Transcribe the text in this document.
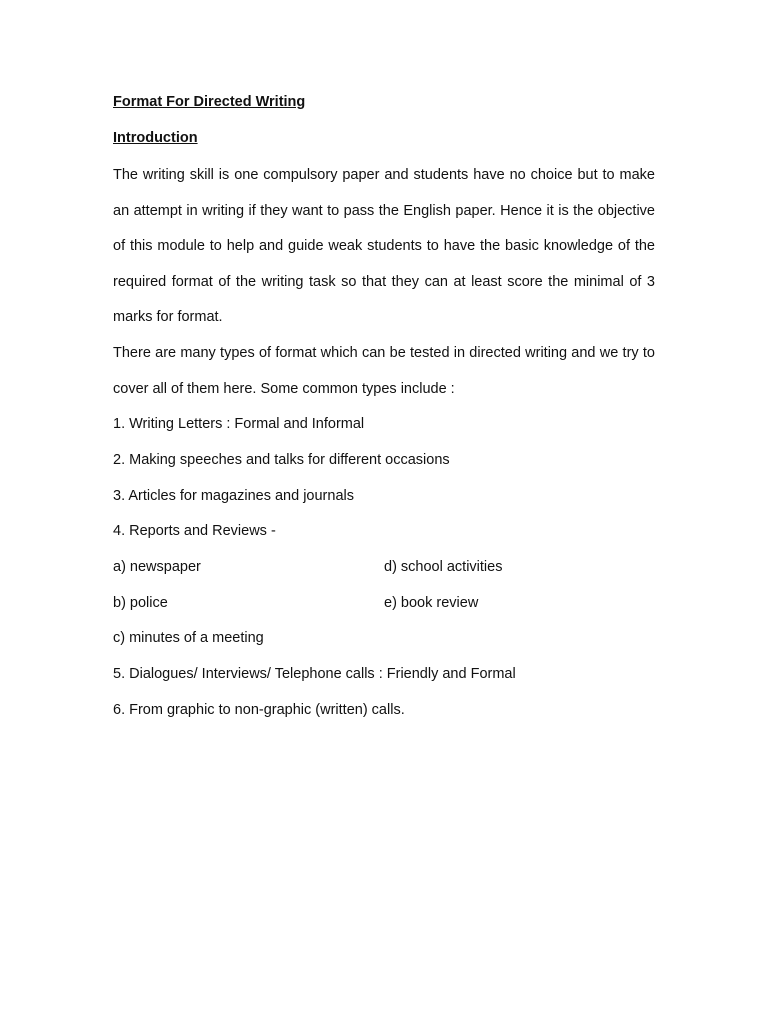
Format For Directed Writing
Introduction

The writing skill is one compulsory paper and students have no choice but to make an attempt in writing if they want to pass the English paper. Hence it is the objective of this module to help and guide weak students to have the basic knowledge of the required format of the writing task so that they can at least score the minimal of 3 marks for format.

There are many types of format which can be tested in directed writing and we try to cover all of them here. Some common types include :

1. Writing Letters : Formal and Informal
2. Making speeches and talks for different occasions
3. Articles for magazines and journals
4. Reports and Reviews -
a) newspaper	d) school activities
b) police	e) book review
c) minutes of a meeting
5. Dialogues/ Interviews/ Telephone calls : Friendly and Formal
6. From graphic to non-graphic (written) calls.
